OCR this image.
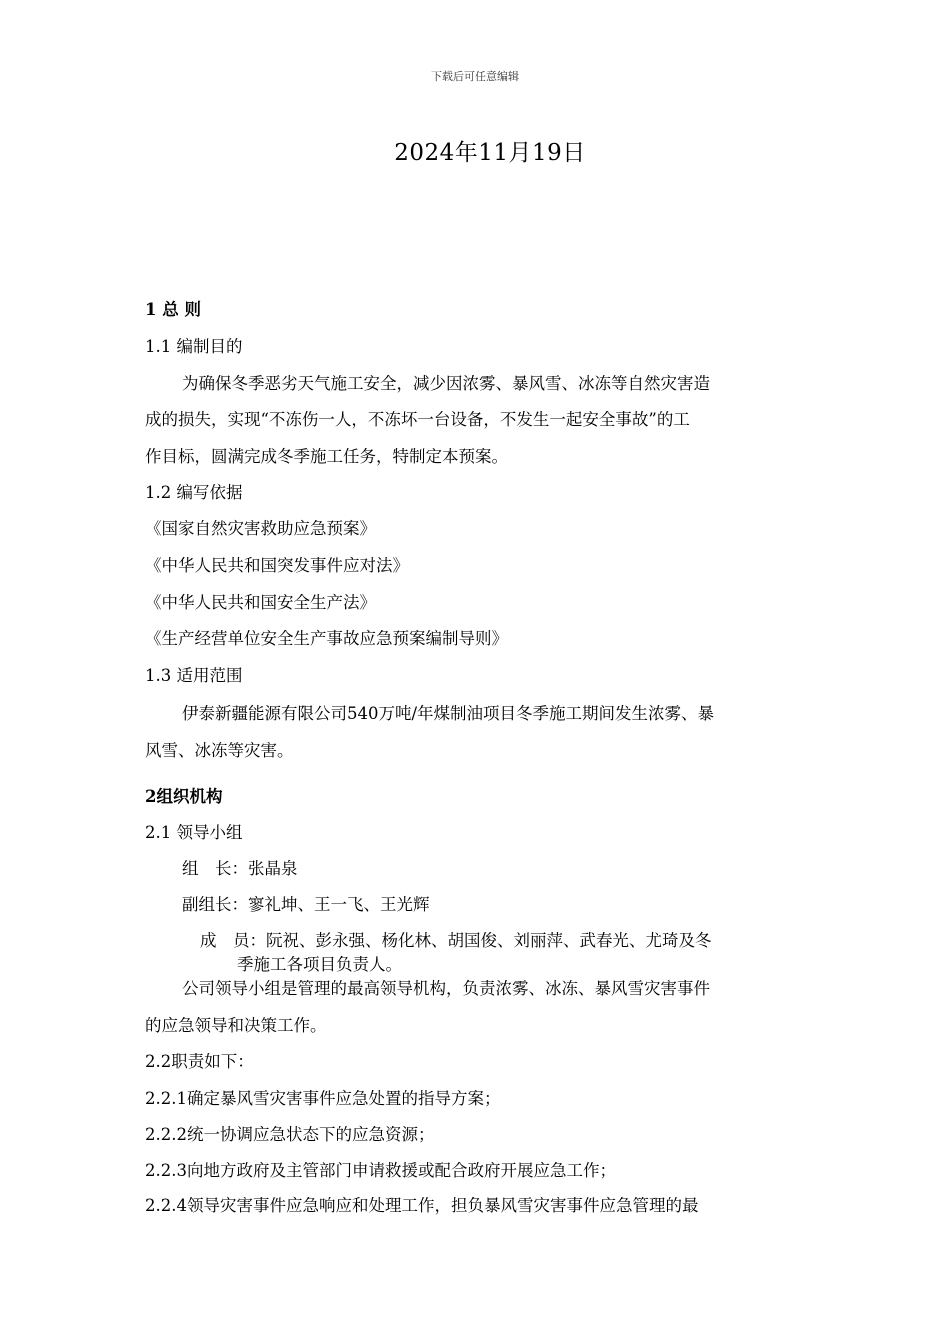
下载后可任意编辑
2024年11月19日
1 总 则
1.1 编制目的
为确保冬季恶劣天气施工安全，减少因浓雾、暴风雪、冰冻等自然灾害造
成的损失，实现“不冻伤一人，不冻坏一台设备，不发生一起安全事故”的工
作目标，圆满完成冬季施工任务，特制定本预案。
1.2 编写依据
《国家自然灾害救助应急预案》
《中华人民共和国突发事件应对法》
《中华人民共和国安全生产法》
《生产经营单位安全生产事故应急预案编制导则》
1.3 适用范围
伊泰新疆能源有限公司540万吨/年煤制油项目冬季施工期间发生浓雾、暴
风雪、冰冻等灾害。
2组织机构
2.1 领导小组
组　长：张晶泉
副组长：寥礼坤、王一飞、王光辉
成　员：阮祝、彭永强、杨化林、胡国俊、刘丽萍、武春光、尤琦及冬
季施工各项目负责人。
公司领导小组是管理的最高领导机构，负责浓雾、冰冻、暴风雪灾害事件
的应急领导和决策工作。
2.2职责如下：
2.2.1确定暴风雪灾害事件应急处置的指导方案；
2.2.2统一协调应急状态下的应急资源；
2.2.3向地方政府及主管部门申请救援或配合政府开展应急工作；
2.2.4领导灾害事件应急响应和处理工作，担负暴风雪灾害事件应急管理的最
